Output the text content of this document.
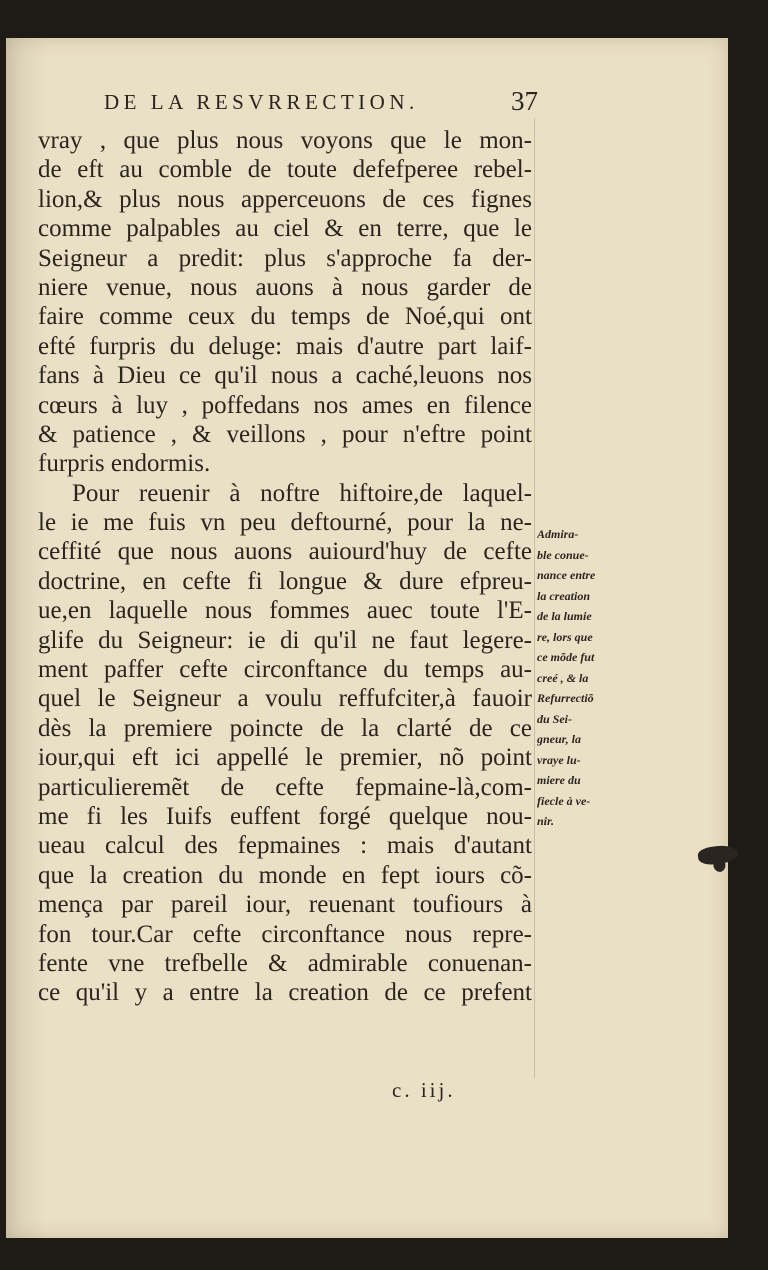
DE LA RESVRRECTION.	37
vray , que plus nous voyons que le mon-
de eft au comble de toute defefperee rebel-
lion,& plus nous apperceuons de ces fignes
comme palpables au ciel & en terre, que le
Seigneur a predit: plus s'approche fa der-
niere venue, nous auons à nous garder de
faire comme ceux du temps de Noé,qui ont
efté furpris du deluge: mais d'autre part laif-
fans à Dieu ce qu'il nous a caché,leuons nos
cœurs à luy , poffedans nos ames en filence
& patience , & veillons , pour n'eftre point
furpris endormis.
Pour reuenir à noftre hiftoire,de laquel-
le ie me fuis vn peu deftourné, pour la ne-
ceffité que nous auons auiourd'huy de cefte
doctrine, en cefte fi longue & dure efpreu-
ue,en laquelle nous fommes auec toute l'E-
glife du Seigneur: ie di qu'il ne faut legere-
ment paffer cefte circonftance du temps au-
quel le Seigneur a voulu reffufciter,à fauoir
dès la premiere poincte de la clarté de ce
iour,qui eft ici appellé le premier, nõ point
particulieremẽt de cefte fepmaine-là,com-
me fi les Iuifs euffent forgé quelque nou-
ueau calcul des fepmaines : mais d'autant
que la creation du monde en fept iours cõ-
mença par pareil iour, reuenant toufiours à
fon tour.Car cefte circonftance nous repre-
fente vne trefbelle & admirable conuenan-
ce qu'il y a entre la creation de ce prefent
Admira-
ble conue-
nance entre
la creation
de la lumie
re, lors que
ce mõde fut
creé , & la
Refurrectiõ
du Sei-
gneur, la
vraye lu-
miere du
fiecle à ve-
nir.
c. iij.
